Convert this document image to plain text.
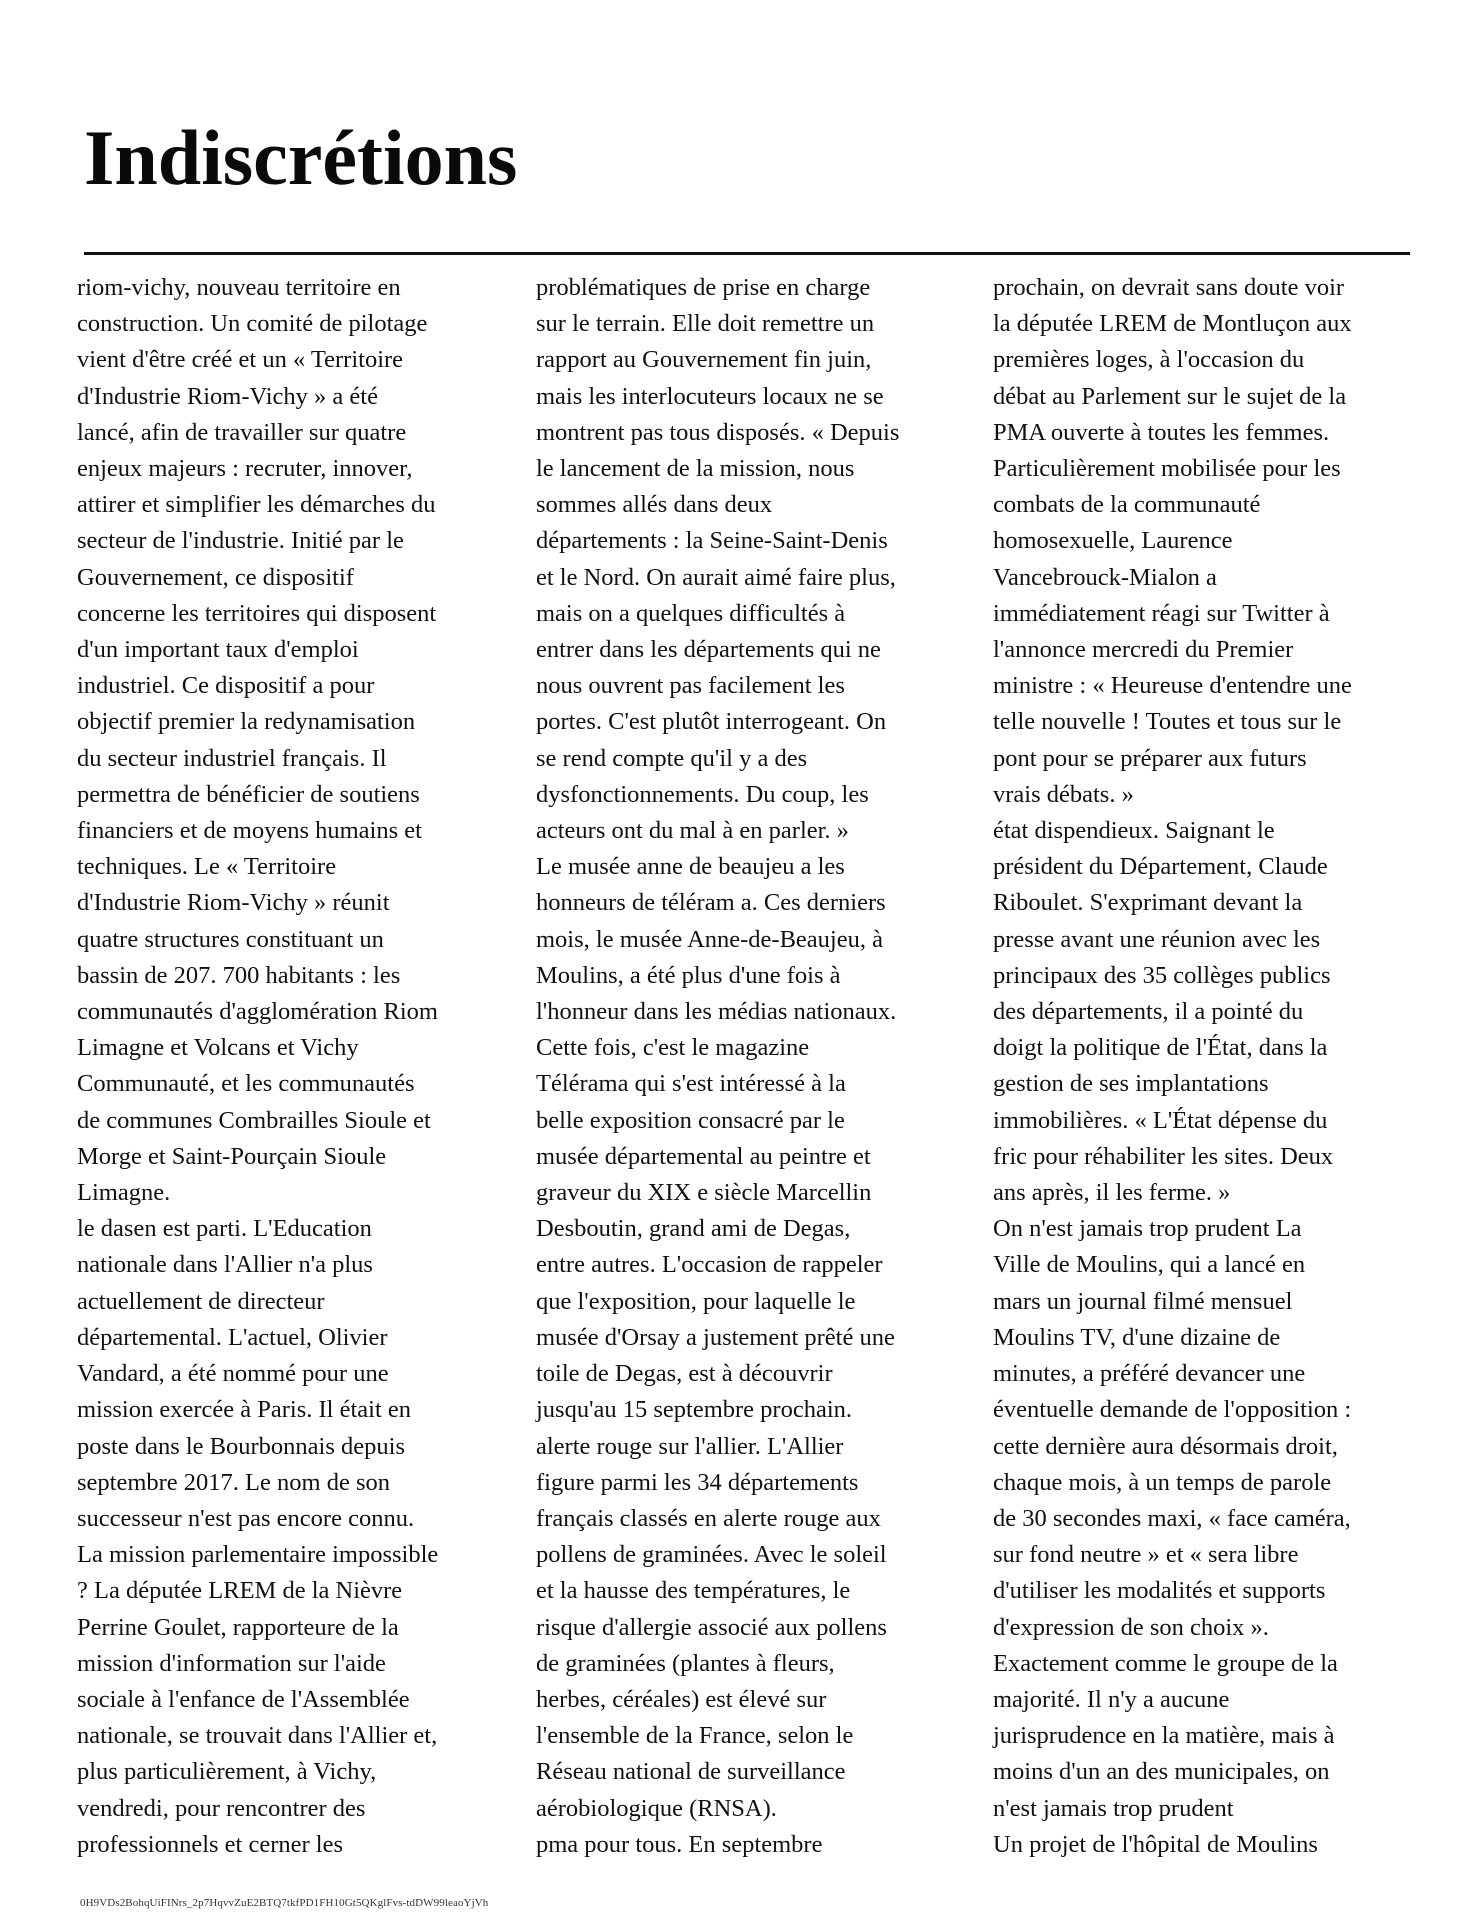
Indiscrétions
riom-vichy, nouveau territoire en
construction. Un comité de pilotage
vient d'être créé et un « Territoire
d'Industrie Riom-Vichy » a été
lancé, afin de travailler sur quatre
enjeux majeurs : recruter, innover,
attirer et simplifier les démarches du
secteur de l'industrie. Initié par le
Gouvernement, ce dispositif
concerne les territoires qui disposent
d'un important taux d'emploi
industriel. Ce dispositif a pour
objectif premier la redynamisation
du secteur industriel français. Il
permettra de bénéficier de soutiens
financiers et de moyens humains et
techniques. Le « Territoire
d'Industrie Riom-Vichy » réunit
quatre structures constituant un
bassin de 207. 700 habitants : les
communautés d'agglomération Riom
Limagne et Volcans et Vichy
Communauté, et les communautés
de communes Combrailles Sioule et
Morge et Saint-Pourçain Sioule
Limagne.
le dasen est parti. L'Education
nationale dans l'Allier n'a plus
actuellement de directeur
départemental. L'actuel, Olivier
Vandard, a été nommé pour une
mission exercée à Paris. Il était en
poste dans le Bourbonnais depuis
septembre 2017. Le nom de son
successeur n'est pas encore connu.
La mission parlementaire impossible
? La députée LREM de la Nièvre
Perrine Goulet, rapporteure de la
mission d'information sur l'aide
sociale à l'enfance de l'Assemblée
nationale, se trouvait dans l'Allier et,
plus particulièrement, à Vichy,
vendredi, pour rencontrer des
professionnels et cerner les
problématiques de prise en charge
sur le terrain. Elle doit remettre un
rapport au Gouvernement fin juin,
mais les interlocuteurs locaux ne se
montrent pas tous disposés. « Depuis
le lancement de la mission, nous
sommes allés dans deux
départements : la Seine-Saint-Denis
et le Nord. On aurait aimé faire plus,
mais on a quelques difficultés à
entrer dans les départements qui ne
nous ouvrent pas facilement les
portes. C'est plutôt interrogeant. On
se rend compte qu'il y a des
dysfonctionnements. Du coup, les
acteurs ont du mal à en parler. »
Le musée anne de beaujeu a les
honneurs de téléram a. Ces derniers
mois, le musée Anne-de-Beaujeu, à
Moulins, a été plus d'une fois à
l'honneur dans les médias nationaux.
Cette fois, c'est le magazine
Télérama qui s'est intéressé à la
belle exposition consacré par le
musée départemental au peintre et
graveur du XIX e siècle Marcellin
Desboutin, grand ami de Degas,
entre autres. L'occasion de rappeler
que l'exposition, pour laquelle le
musée d'Orsay a justement prêté une
toile de Degas, est à découvrir
jusqu'au 15 septembre prochain.
alerte rouge sur l'allier. L'Allier
figure parmi les 34 départements
français classés en alerte rouge aux
pollens de graminées. Avec le soleil
et la hausse des températures, le
risque d'allergie associé aux pollens
de graminées (plantes à fleurs,
herbes, céréales) est élevé sur
l'ensemble de la France, selon le
Réseau national de surveillance
aérobiologique (RNSA).
pma pour tous. En septembre
prochain, on devrait sans doute voir
la députée LREM de Montluçon aux
premières loges, à l'occasion du
débat au Parlement sur le sujet de la
PMA ouverte à toutes les femmes.
Particulièrement mobilisée pour les
combats de la communauté
homosexuelle, Laurence
Vancebrouck-Mialon a
immédiatement réagi sur Twitter à
l'annonce mercredi du Premier
ministre : « Heureuse d'entendre une
telle nouvelle ! Toutes et tous sur le
pont pour se préparer aux futurs
vrais débats. »
état dispendieux. Saignant le
président du Département, Claude
Riboulet. S'exprimant devant la
presse avant une réunion avec les
principaux des 35 collèges publics
des départements, il a pointé du
doigt la politique de l'État, dans la
gestion de ses implantations
immobilières. « L'État dépense du
fric pour réhabiliter les sites. Deux
ans après, il les ferme. »
On n'est jamais trop prudent La
Ville de Moulins, qui a lancé en
mars un journal filmé mensuel
Moulins TV, d'une dizaine de
minutes, a préféré devancer une
éventuelle demande de l'opposition :
cette dernière aura désormais droit,
chaque mois, à un temps de parole
de 30 secondes maxi, « face caméra,
sur fond neutre » et « sera libre
d'utiliser les modalités et supports
d'expression de son choix ».
Exactement comme le groupe de la
majorité. Il n'y a aucune
jurisprudence en la matière, mais à
moins d'un an des municipales, on
n'est jamais trop prudent
Un projet de l'hôpital de Moulins
0H9VDs2BohqUiFINrs_2p7HqvvZuE2BTQ7tkfPD1FH10Gt5QKglFvs-tdDW99leaoYjVh
